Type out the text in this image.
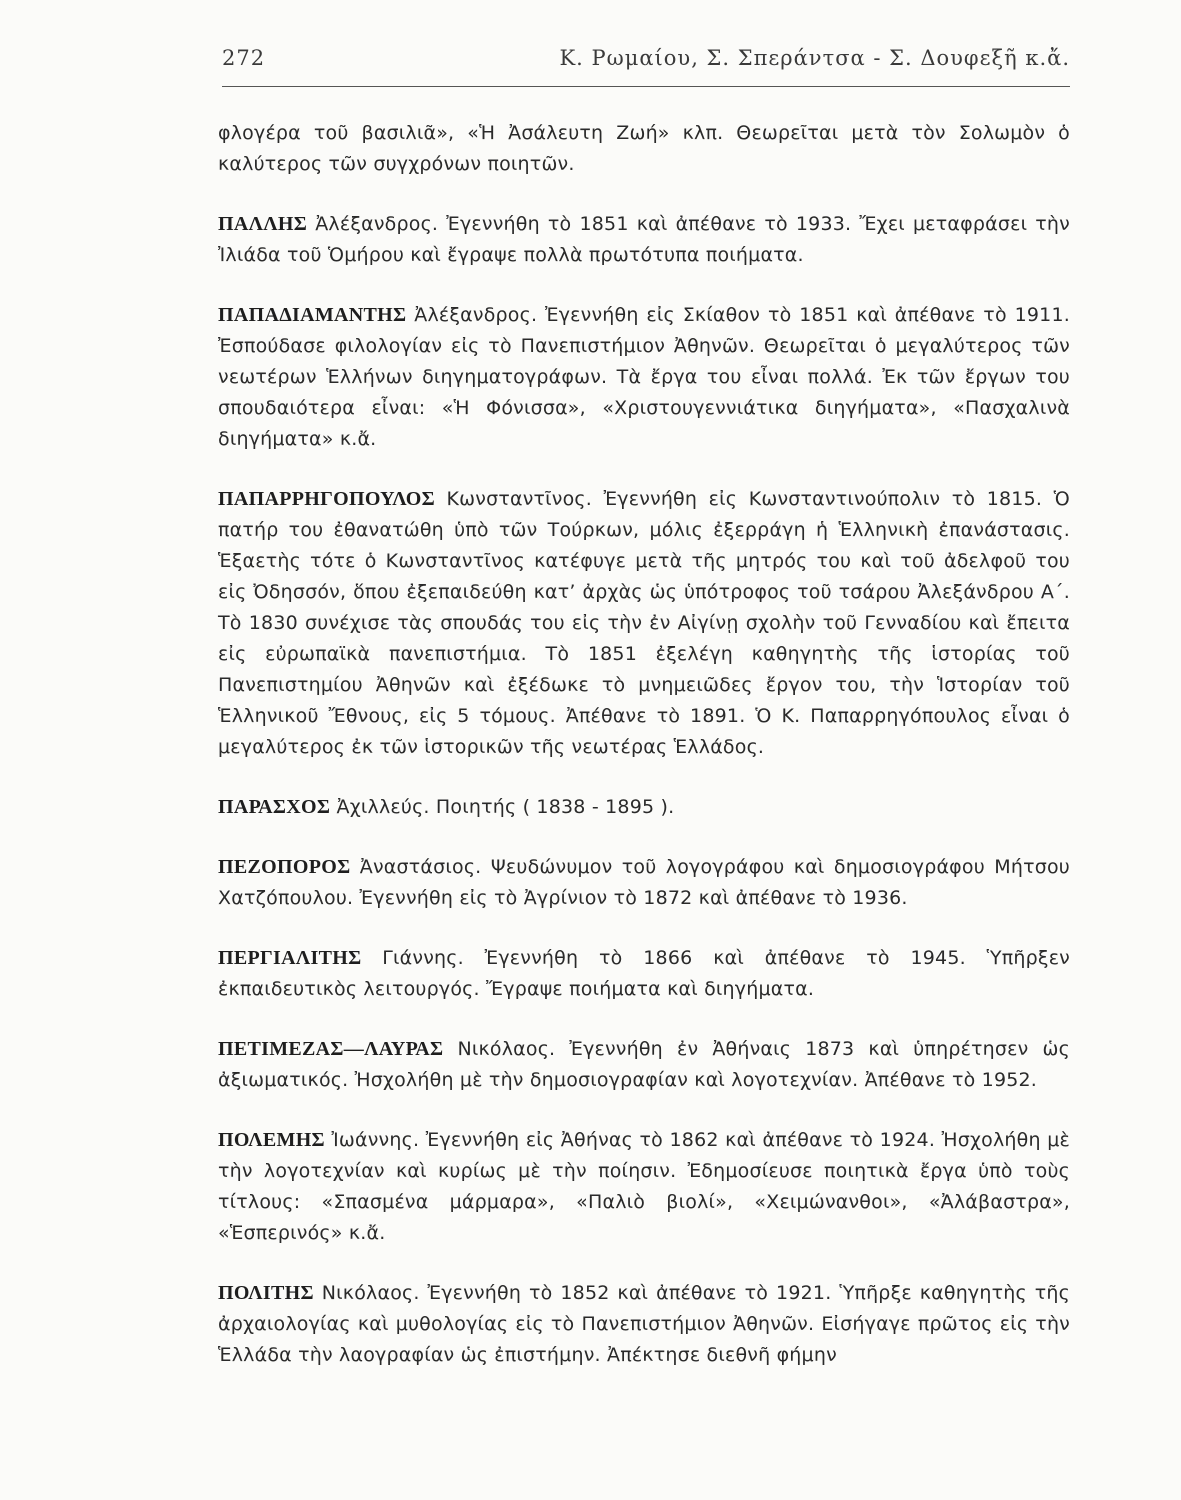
272	Κ. Ρωμαίου, Σ. Σπεράντσα - Σ. Δουφεξῆ κ.ἄ.

φλογέρα τοῦ βασιλιᾶ», «Ἡ Ἀσάλευτη Ζωή» κλπ. Θεωρεῖται μετὰ τὸν Σολωμὸν ὁ καλύτερος τῶν συγχρόνων ποιητῶν.

ΠΑΛΛΗΣ Ἀλέξανδρος. Ἐγεννήθη τὸ 1851 καὶ ἀπέθανε τὸ 1933. Ἔχει μεταφράσει τὴν Ἰλιάδα τοῦ Ὁμήρου καὶ ἔγραψε πολλὰ πρωτότυπα ποιήματα.

ΠΑΠΑΔΙΑΜΑΝΤΗΣ Ἀλέξανδρος. Ἐγεννήθη εἰς Σκίαθον τὸ 1851 καὶ ἀπέθανε τὸ 1911. Ἐσπούδασε φιλολογίαν εἰς τὸ Πανεπιστήμιον Ἀθηνῶν. Θεωρεῖται ὁ μεγαλύτερος τῶν νεωτέρων Ἑλλήνων διηγηματογράφων. Τὰ ἔργα του εἶναι πολλά. Ἐκ τῶν ἔργων του σπουδαιότερα εἶναι: «Ἡ Φόνισσα», «Χριστουγεννιάτικα διηγήματα», «Πασχαλινὰ διηγήματα» κ.ἄ.

ΠΑΠΑΡΡΗΓΟΠΟΥΛΟΣ Κωνσταντῖνος. Ἐγεννήθη εἰς Κωνσταντινούπολιν τὸ 1815. Ὁ πατήρ του ἐθανατώθη ὑπὸ τῶν Τούρκων, μόλις ἐξερράγη ἡ Ἑλληνικὴ ἐπανάστασις. Ἑξαετὴς τότε ὁ Κωνσταντῖνος κατέφυγε μετὰ τῆς μητρός του καὶ τοῦ ἀδελφοῦ του εἰς Ὀδησσόν, ὅπου ἐξεπαιδεύθη κατ’ ἀρχὰς ὡς ὑπότροφος τοῦ τσάρου Ἀλεξάνδρου Α΄. Τὸ 1830 συνέχισε τὰς σπουδάς του εἰς τὴν ἐν Αἰγίνῃ σχολὴν τοῦ Γενναδίου καὶ ἔπειτα εἰς εὐρωπαϊκὰ πανεπιστήμια. Τὸ 1851 ἐξελέγη καθηγητὴς τῆς ἱστορίας τοῦ Πανεπιστημίου Ἀθηνῶν καὶ ἐξέδωκε τὸ μνημειῶδες ἔργον του, τὴν Ἱστορίαν τοῦ Ἑλληνικοῦ Ἔθνους, εἰς 5 τόμους. Ἀπέθανε τὸ 1891. Ὁ Κ. Παπαρρηγόπουλος εἶναι ὁ μεγαλύτερος ἐκ τῶν ἱστορικῶν τῆς νεωτέρας Ἑλλάδος.

ΠΑΡΑΣΧΟΣ Ἀχιλλεύς. Ποιητής ( 1838 - 1895 ).

ΠΕΖΟΠΟΡΟΣ Ἀναστάσιος. Ψευδώνυμον τοῦ λογογράφου καὶ δημοσιογράφου Μήτσου Χατζόπουλου. Ἐγεννήθη εἰς τὸ Ἀγρίνιον τὸ 1872 καὶ ἀπέθανε τὸ 1936.

ΠΕΡΓΙΑΛΙΤΗΣ Γιάννης. Ἐγεννήθη τὸ 1866 καὶ ἀπέθανε τὸ 1945. Ὑπῆρξεν ἐκπαιδευτικὸς λειτουργός. Ἔγραψε ποιήματα καὶ διηγήματα.

ΠΕΤΙΜΕΖΑΣ—ΛΑΥΡΑΣ Νικόλαος. Ἐγεννήθη ἐν Ἀθήναις 1873 καὶ ὑπηρέτησεν ὡς ἀξιωματικός. Ἠσχολήθη μὲ τὴν δημοσιογραφίαν καὶ λογοτεχνίαν. Ἀπέθανε τὸ 1952.

ΠΟΛΕΜΗΣ Ἰωάννης. Ἐγεννήθη εἰς Ἀθήνας τὸ 1862 καὶ ἀπέθανε τὸ 1924. Ἠσχολήθη μὲ τὴν λογοτεχνίαν καὶ κυρίως μὲ τὴν ποίησιν. Ἐδημοσίευσε ποιητικὰ ἔργα ὑπὸ τοὺς τίτλους: «Σπασμένα μάρμαρα», «Παλιὸ βιολί», «Χειμώνανθοι», «Ἀλάβαστρα», «Ἑσπερινός» κ.ἄ.

ΠΟΛΙΤΗΣ Νικόλαος. Ἐγεννήθη τὸ 1852 καὶ ἀπέθανε τὸ 1921. Ὑπῆρξε καθηγητὴς τῆς ἀρχαιολογίας καὶ μυθολογίας εἰς τὸ Πανεπιστήμιον Ἀθηνῶν. Εἰσήγαγε πρῶτος εἰς τὴν Ἑλλάδα τὴν λαογραφίαν ὡς ἐπιστήμην. Ἀπέκτησε διεθνῆ φήμην
